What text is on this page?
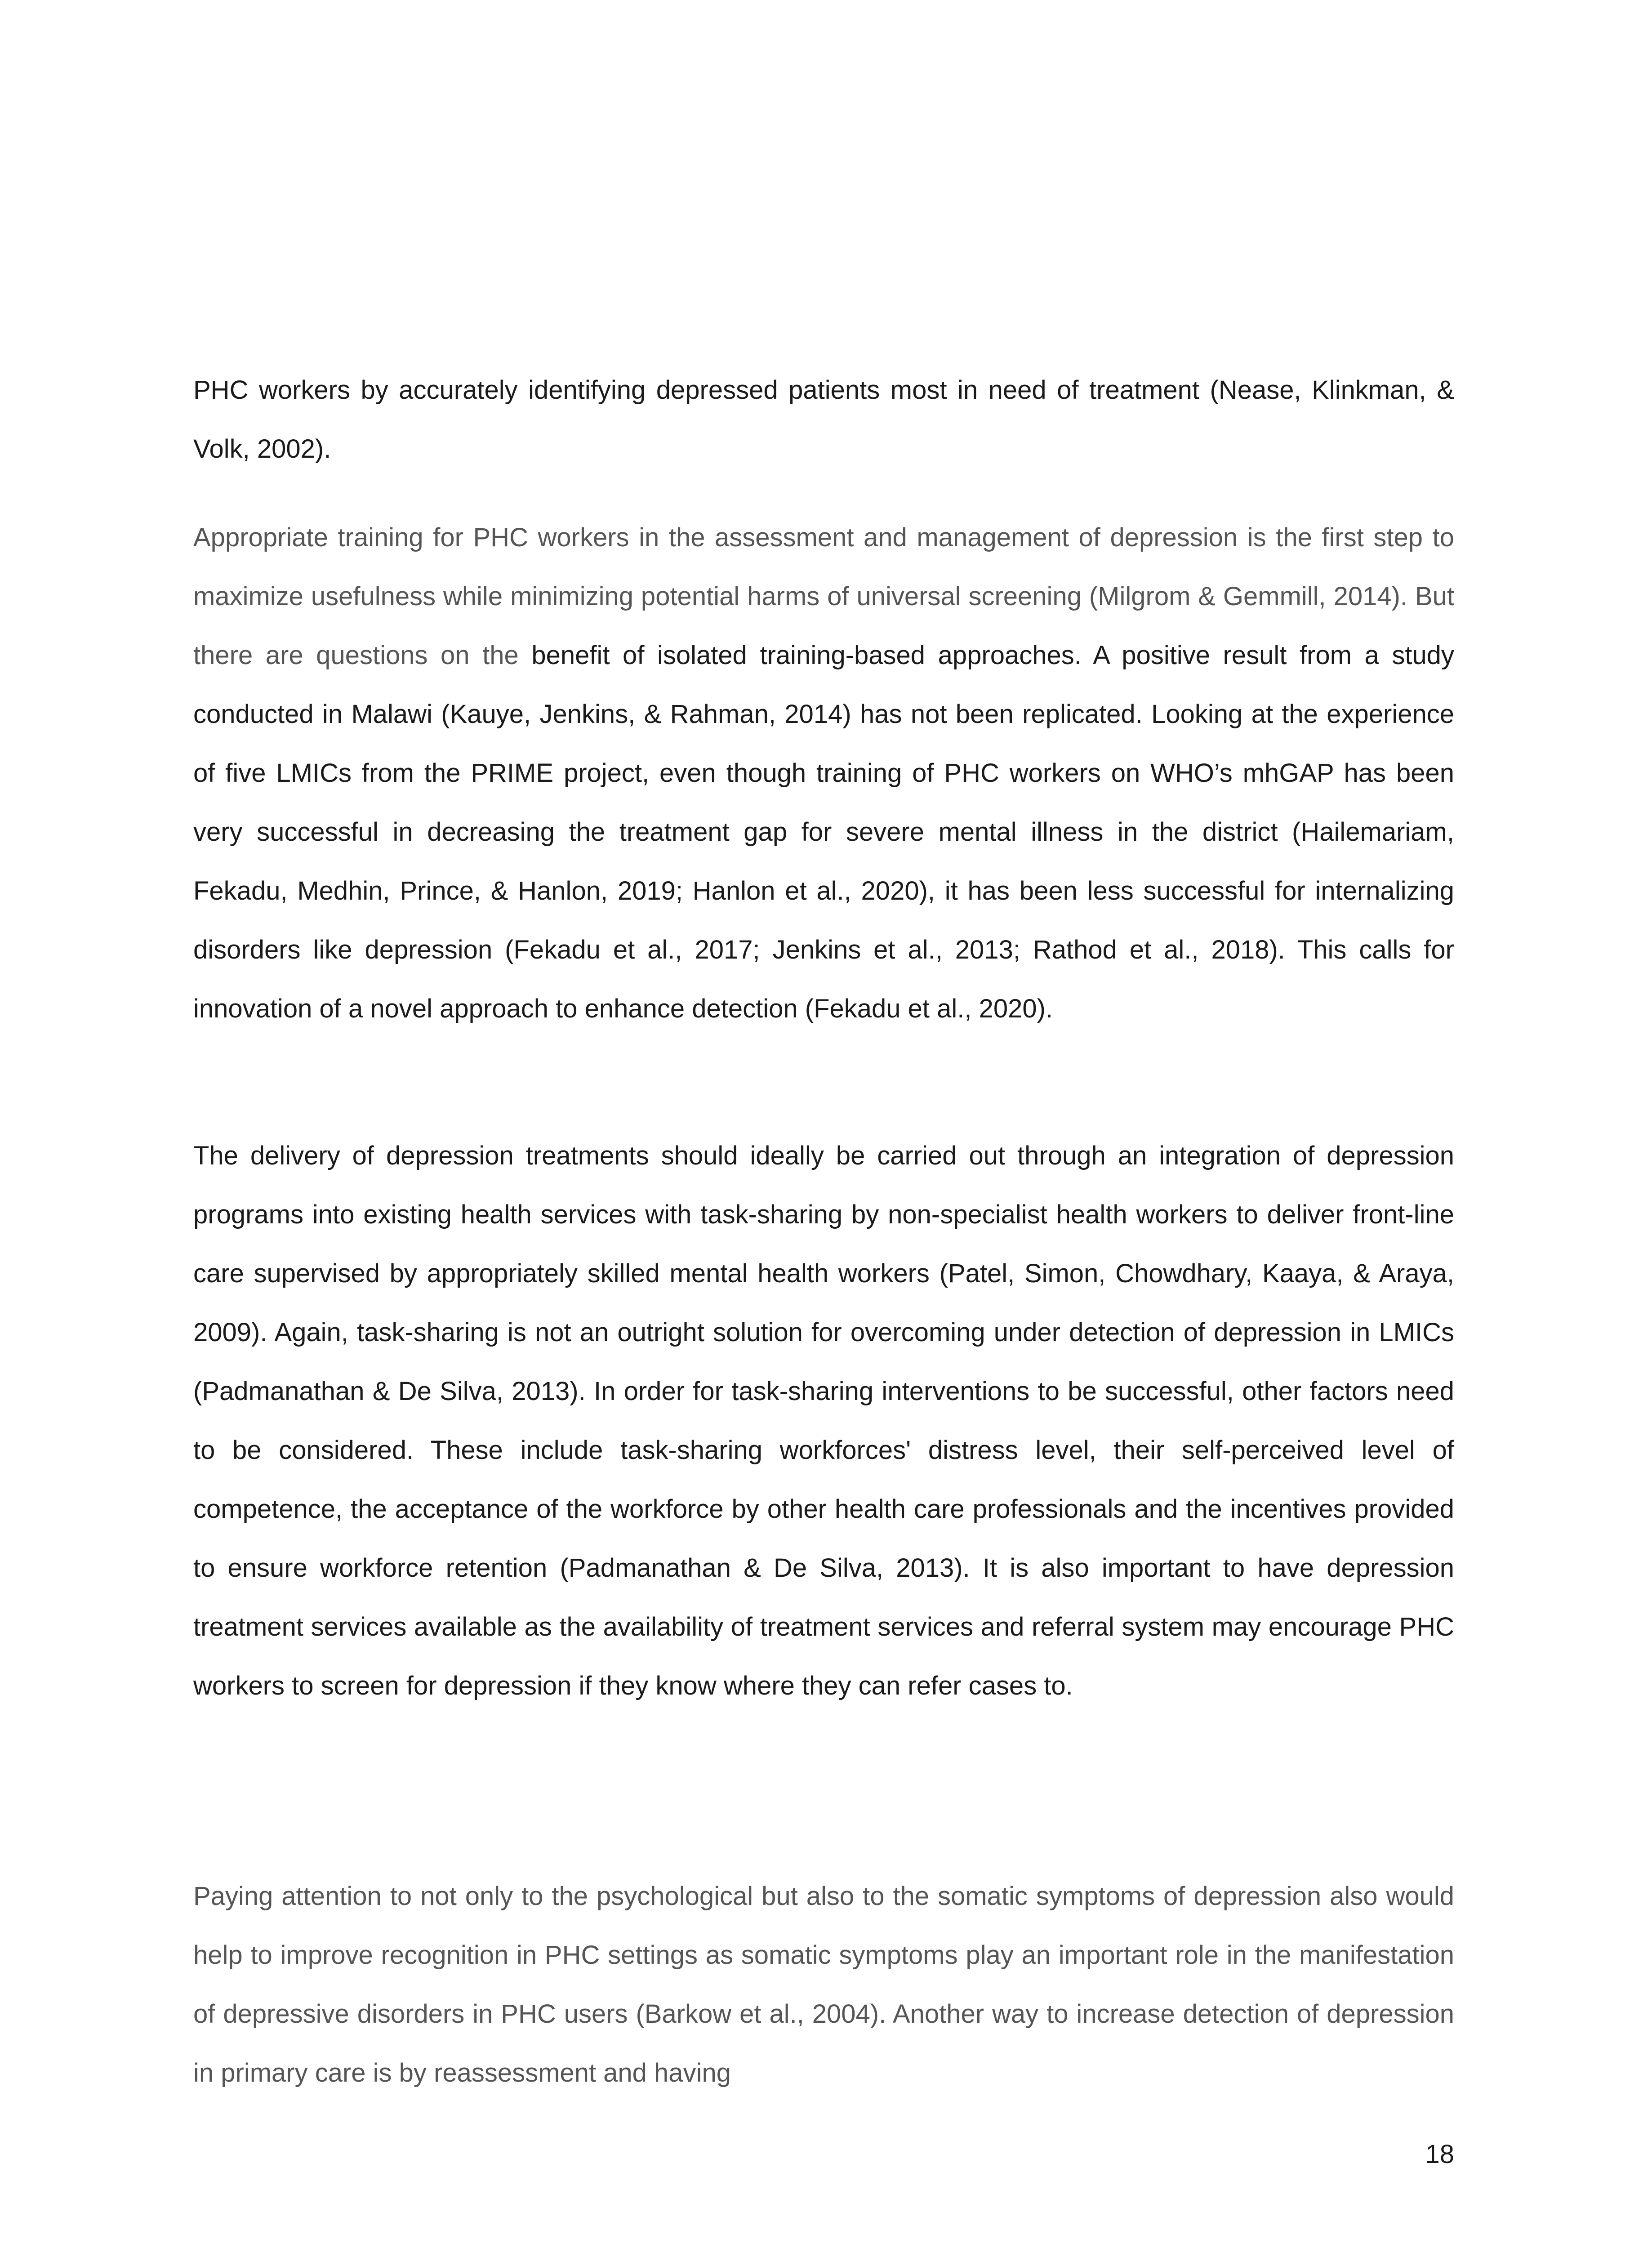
PHC workers by accurately identifying depressed patients most in need of treatment (Nease, Klinkman, & Volk, 2002).

Appropriate training for PHC workers in the assessment and management of depression is the first step to maximize usefulness while minimizing potential harms of universal screening (Milgrom & Gemmill, 2014). But there are questions on the benefit of isolated training-based approaches. A positive result from a study conducted in Malawi (Kauye, Jenkins, & Rahman, 2014) has not been replicated. Looking at the experience of five LMICs from the PRIME project, even though training of PHC workers on WHO’s mhGAP has been very successful in decreasing the treatment gap for severe mental illness in the district (Hailemariam, Fekadu, Medhin, Prince, & Hanlon, 2019; Hanlon et al., 2020), it has been less successful for internalizing disorders like depression (Fekadu et al., 2017; Jenkins et al., 2013; Rathod et al., 2018). This calls for innovation of a novel approach to enhance detection (Fekadu et al., 2020).

The delivery of depression treatments should ideally be carried out through an integration of depression programs into existing health services with task-sharing by non-specialist health workers to deliver front-line care supervised by appropriately skilled mental health workers (Patel, Simon, Chowdhary, Kaaya, & Araya, 2009). Again, task-sharing is not an outright solution for overcoming under detection of depression in LMICs (Padmanathan & De Silva, 2013). In order for task-sharing interventions to be successful, other factors need to be considered. These include task-sharing workforces' distress level, their self-perceived level of competence, the acceptance of the workforce by other health care professionals and the incentives provided to ensure workforce retention (Padmanathan & De Silva, 2013). It is also important to have depression treatment services available as the availability of treatment services and referral system may encourage PHC workers to screen for depression if they know where they can refer cases to.

Paying attention to not only to the psychological but also to the somatic symptoms of depression also would help to improve recognition in PHC settings as somatic symptoms play an important role in the manifestation of depressive disorders in PHC users (Barkow et al., 2004). Another way to increase detection of depression in primary care is by reassessment and having

18
